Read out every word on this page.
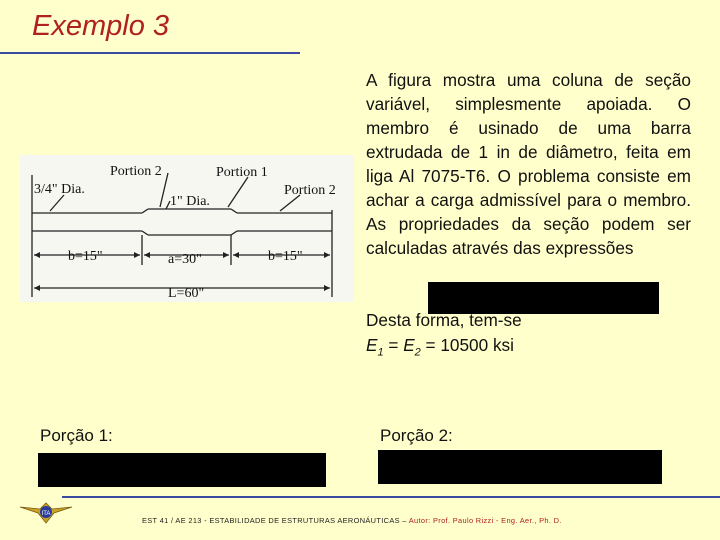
Exemplo 3
Portion 2	Portion 1
Portion 2
3/4" Dia.
1" Dia.
b=15"	a=30"	b=15"
L=60"
A figura mostra uma coluna de seção variável, simplesmente apoiada. O membro é usinado de uma barra extrudada de 1 in de diâmetro, feita em liga Al 7075-T6. O problema consiste em achar a carga admissível para o membro. As propriedades da seção podem ser calculadas através das expressões
Desta forma, tem-se
$E_1 = E_2 = 10500$ ksi
Porção 1:	Porção 2:
ITA
EST 41 / AE 213 - ESTABILIDADE DE ESTRUTURAS AERONÁUTICAS – Autor: Prof. Paulo Rizzi - Eng. Aer., Ph. D.
